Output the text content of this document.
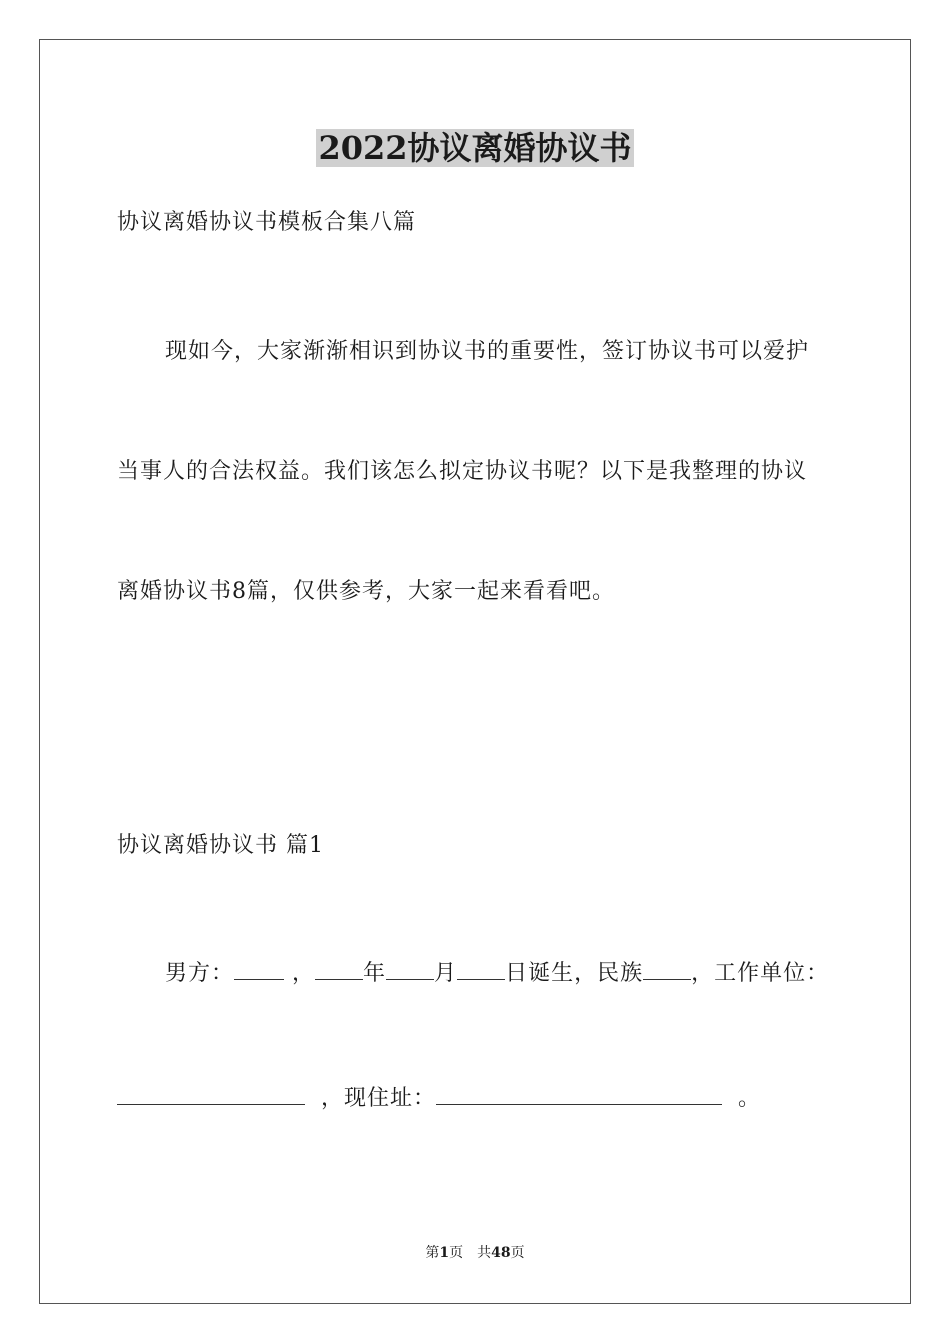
2022协议离婚协议书
协议离婚协议书模板合集八篇
现如今，大家渐渐相识到协议书的重要性，签订协议书可以爱护
当事人的合法权益。我们该怎么拟定协议书呢？以下是我整理的协议
离婚协议书8篇，仅供参考，大家一起来看看吧。
协议离婚协议书 篇1
男方：	， 年 月 日诞生，民族 ，工作单位：
，现住址：	。
第1页　共48页
